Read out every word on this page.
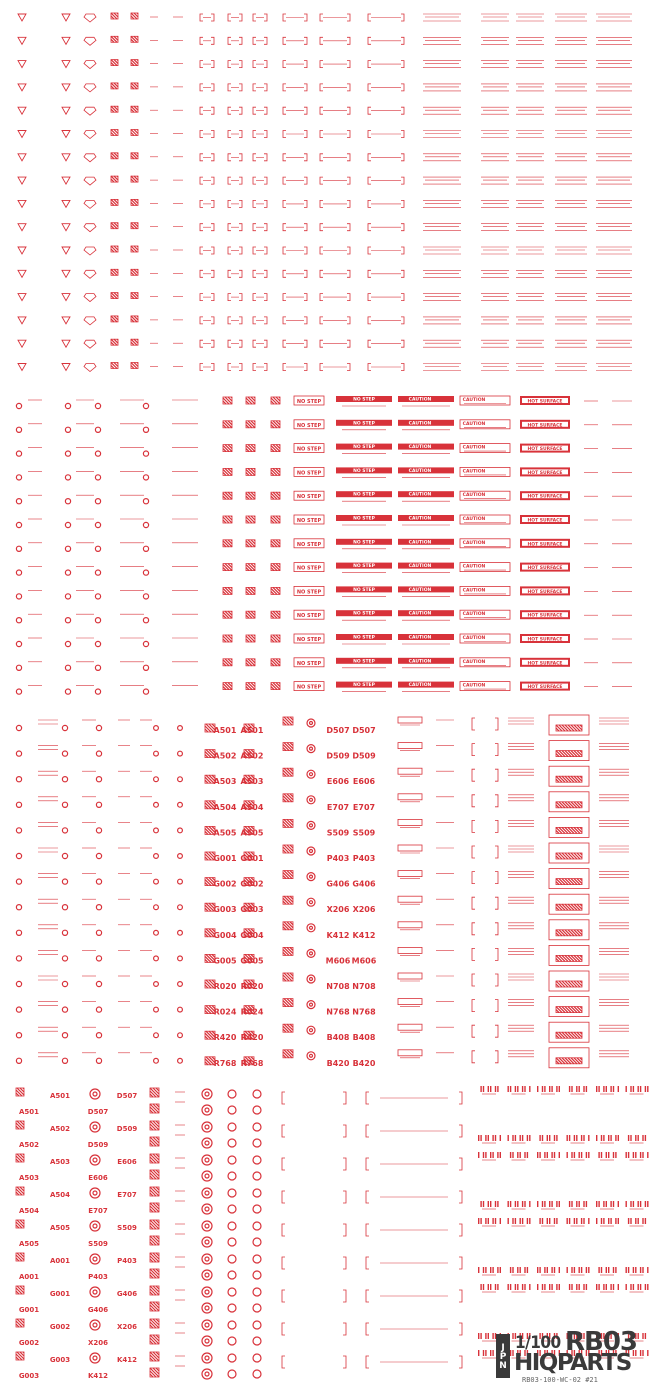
NO STEP	NO STEP	CAUTION	CAUTION	HOT SURFACE
NO STEP	NO STEP	CAUTION	CAUTION	HOT SURFACE
NO STEP	NO STEP	CAUTION	CAUTION	HOT SURFACE
NO STEP	NO STEP	CAUTION	CAUTION	HOT SURFACE
NO STEP	NO STEP	CAUTION	CAUTION	HOT SURFACE
NO STEP	NO STEP	CAUTION	CAUTION	HOT SURFACE
NO STEP	NO STEP	CAUTION	CAUTION	HOT SURFACE
NO STEP	NO STEP	CAUTION	CAUTION	HOT SURFACE
NO STEP	NO STEP	CAUTION	CAUTION	HOT SURFACE
NO STEP	NO STEP	CAUTION	CAUTION	HOT SURFACE
NO STEP	NO STEP	CAUTION	CAUTION	HOT SURFACE
NO STEP	NO STEP	CAUTION	CAUTION	HOT SURFACE
NO STEP	NO STEP	CAUTION	CAUTION	HOT SURFACE
A501 A501	D507 D507
A502 A502	D509 D509
A503 A503	E606 E606
A504 A504	E707 E707
A505 A505	S509 S509
G001 G001	P403 P403
G002 G002	G406 G406
G003 G003	X206 X206
G004 G004	K412 K412
G005 G005	M606 M606
R020 R020	N708 N708
R024 R024	N768 N768
R420 R420	B408 B408
R768 R768	B420 B420
A501
A501
D507
D507
A502
A502
D509
D509
A503
A503
E606
E606
A504
A504
E707
E707
A505
A505
S509
S509
A001
A001
P403
P403
G001
G001
G406
G406
G002
G002
X206
X206
G003
G003
K412
K412	JPN 1/100 RB03
HIQPARTS
RB03-100-WC-02 #21
